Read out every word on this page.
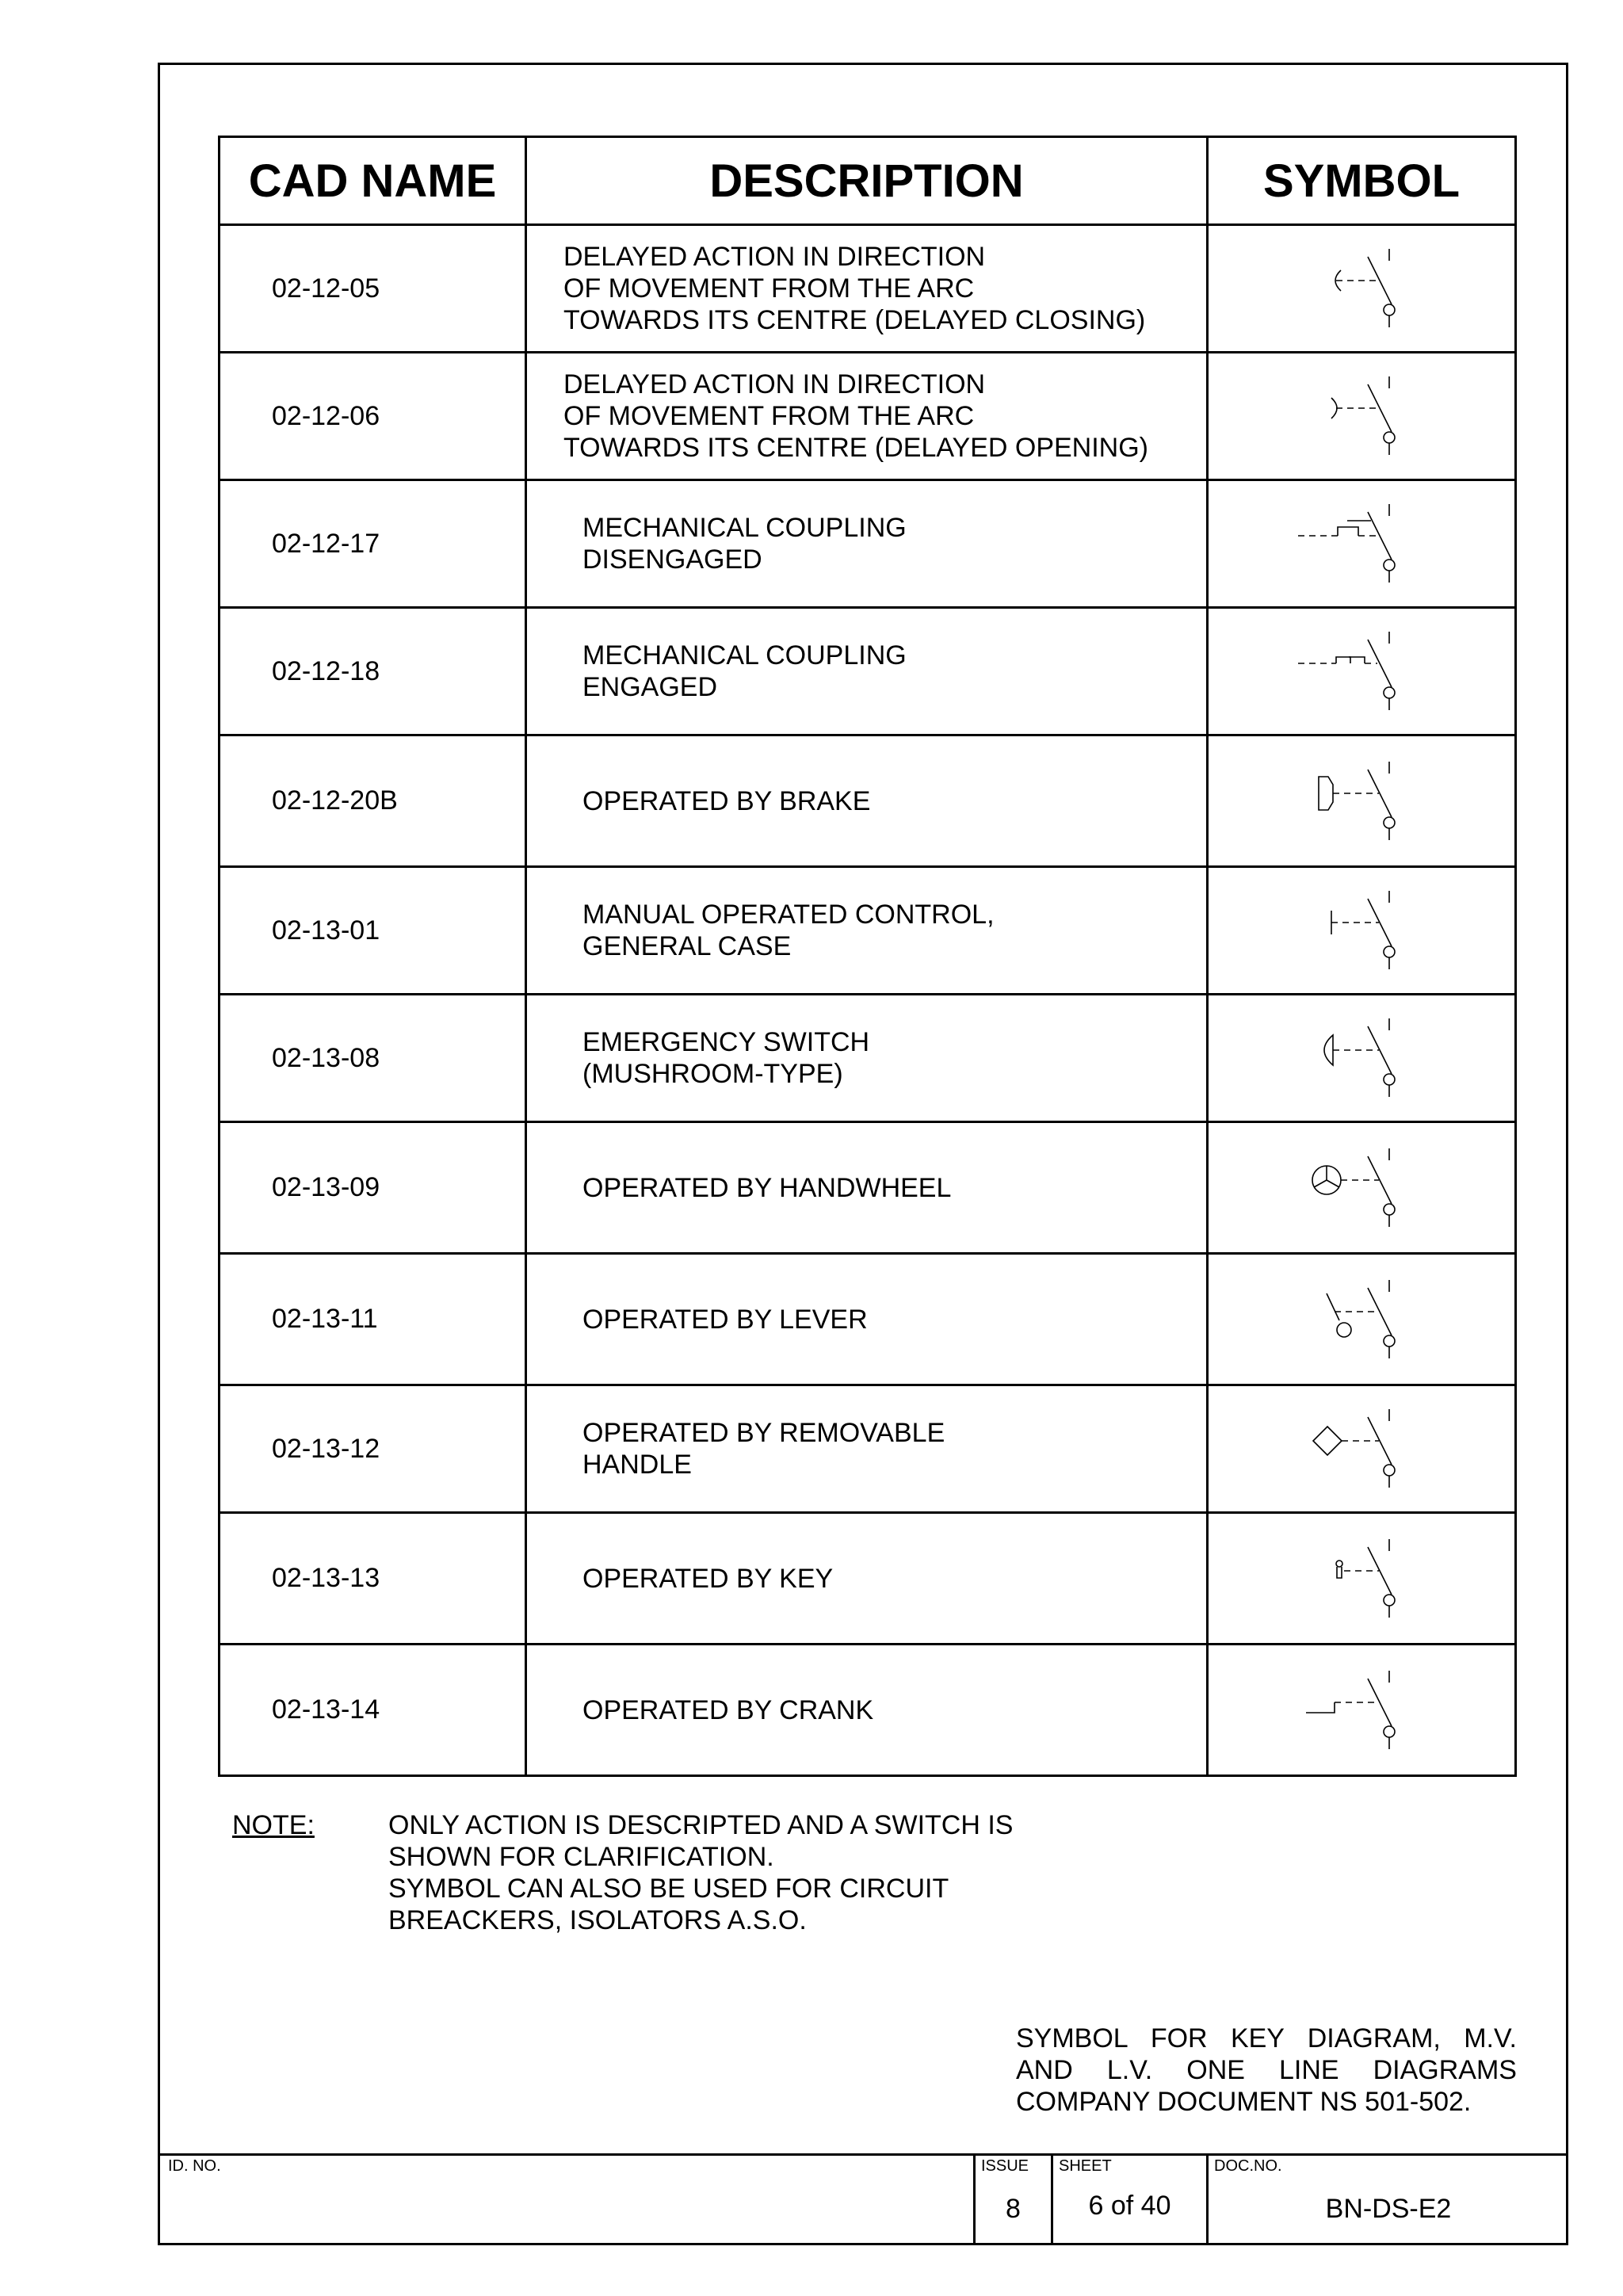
CAD NAME	DESCRIPTION	SYMBOL
02-12-05	DELAYED ACTION IN DIRECTION
OF MOVEMENT FROM THE ARC
TOWARDS ITS CENTRE (DELAYED CLOSING)

02-12-06	DELAYED ACTION IN DIRECTION
OF MOVEMENT FROM THE ARC
TOWARDS ITS CENTRE (DELAYED OPENING)

02-12-17	MECHANICAL COUPLING
DISENGAGED

02-12-18	MECHANICAL COUPLING
ENGAGED

02-12-20B	OPERATED BY BRAKE

02-13-01	MANUAL OPERATED CONTROL,
GENERAL CASE

02-13-08	EMERGENCY SWITCH
(MUSHROOM-TYPE)

02-13-09	OPERATED BY HANDWHEEL

02-13-11	OPERATED BY LEVER

02-13-12	OPERATED BY REMOVABLE
HANDLE

02-13-13	OPERATED BY KEY

02-13-14	OPERATED BY CRANK

NOTE:	ONLY ACTION IS DESCRIPTED AND A SWITCH IS
SHOWN FOR CLARIFICATION.
SYMBOL CAN ALSO BE USED FOR CIRCUIT
BREACKERS, ISOLATORS A.S.O.
SYMBOL FOR KEY DIAGRAM, M.V.
AND L.V. ONE LINE DIAGRAMS
COMPANY DOCUMENT NS 501-502.
ID. NO.	ISSUE
8
SHEET
6 of 40
DOC.NO.
BN-DS-E2
